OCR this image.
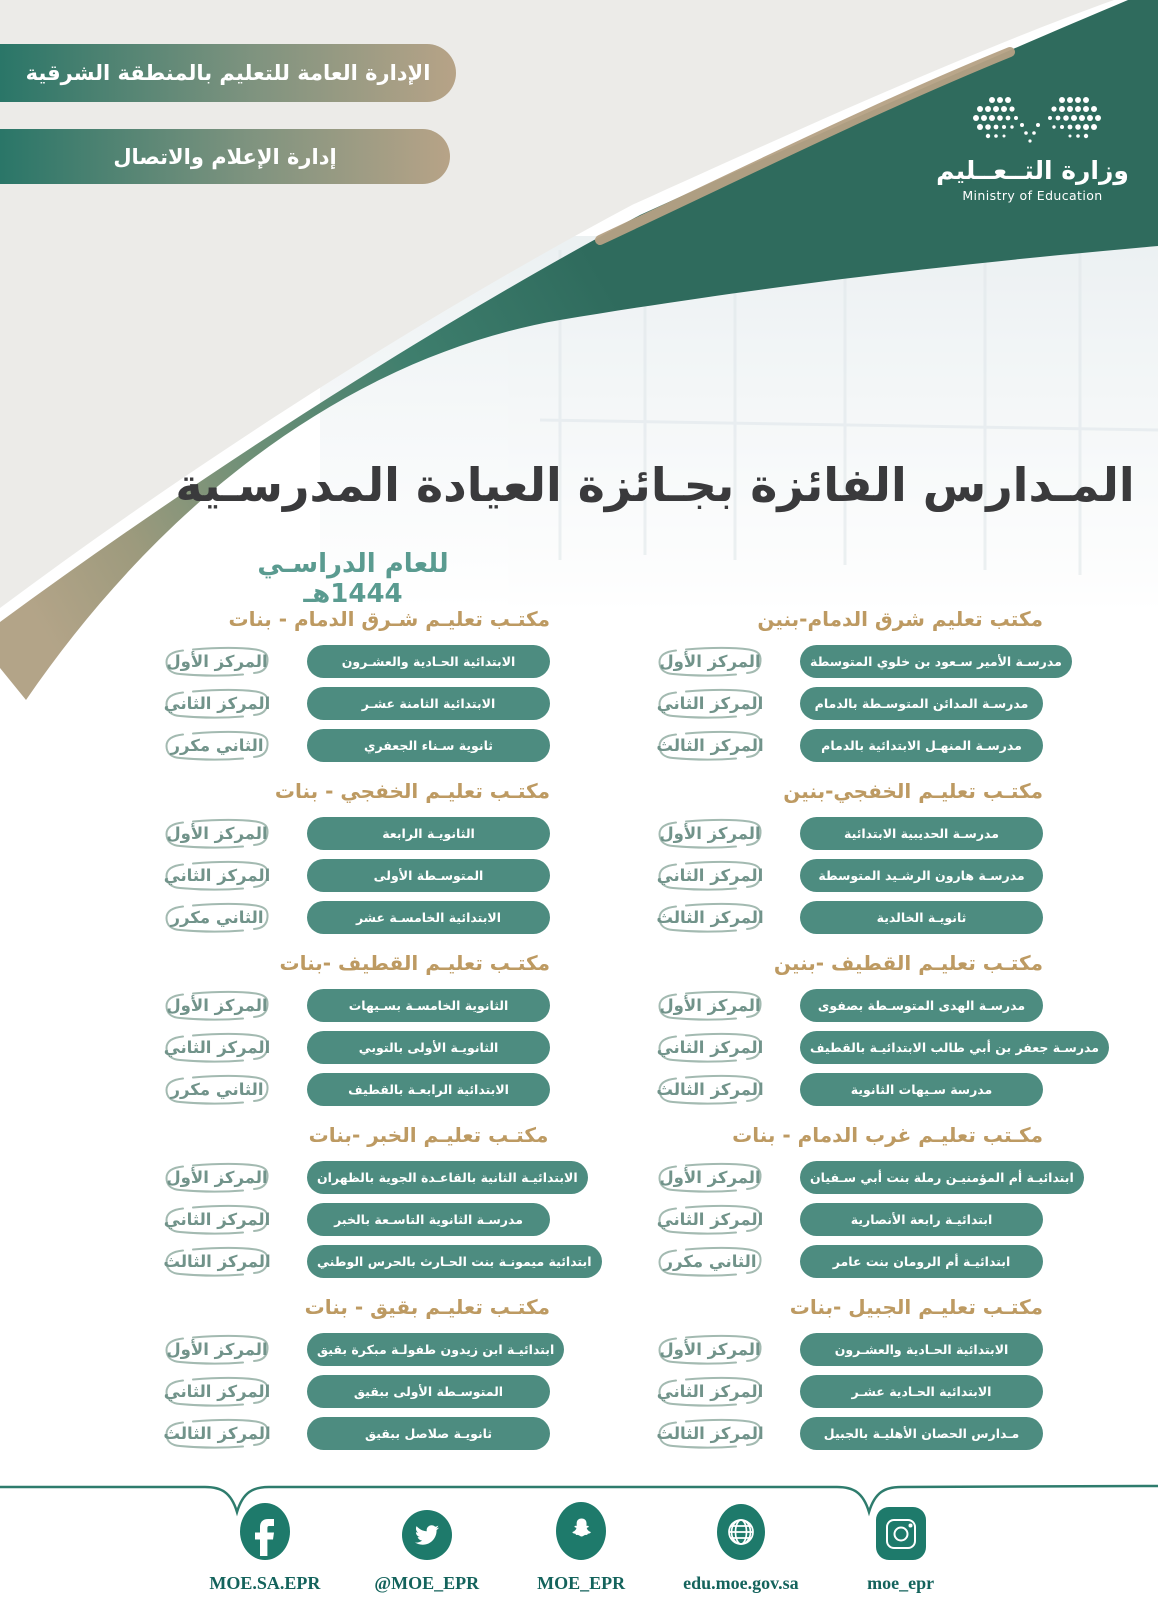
الإدارة العامة للتعليم بالمنطقة الشرقية
إدارة الإعلام والاتصال	وزارة التــعــليم
Ministry of Education
المـدارس الفائزة بجـائزة العيادة المدرسـية
للعام الدراسـي 1444هـ
مكتب تعليم شرق الدمام-بنين
المركز الأول	مدرسـة الأمير سـعود بن خلوي المتوسطة
المركز الثاني	مدرسـة المدائن المتوسـطة بالدمام
المركز الثالث	مدرسـة المنهـل الابتدائية بالدمام
مكتـب تعليـم الخفجي-بنين
المركز الأول	مدرسـة الحديبية الابتدائية
المركز الثاني	مدرسـة هارون الرشـيد المتوسطة
المركز الثالث	ثانويـة الخالدية
مكتـب تعليـم القطيف -بنين
المركز الأول	مدرسـة الهدى المتوسـطة بصفوى
المركز الثاني	مدرسـة جعفر بن أبي طالب الابتدائيـة بالقطيف
المركز الثالث	مدرسة سـيهات الثانوية
مكـتب تعليـم غرب الدمام - بنات
المركز الأول	ابتدائيـة أم المؤمنيـن رملة بنت أبي سـفيان
المركز الثاني	ابتدائيـة رابعة الأنصارية
الثاني مكرر	ابتدائيـة أم الرومان بنت عامر
مكتـب تعليـم الجبيل -بنات
المركز الأول	الابتدائية الحـادية والعشـرون
المركز الثاني	الابتدائية الحـادية عشـر
المركز الثالث	مـدارس الحصان الأهليـة بالجبيل
مكتـب تعليـم شـرق الدمام - بنات
المركز الأول	الابتدائية الحـادية والعشـرون
المركز الثاني	الابتدائية الثامنة عشـر
الثاني مكرر	ثانوية سـناء الجعفري
مكتـب تعليـم الخفجي - بنات
المركز الأول	الثانويـة الرابعة
المركز الثاني	المتوسـطة الأولى
الثاني مكرر	الابتدائية الخامسـة عشر
مكتـب تعليـم القطيف -بنات
المركز الأول	الثانوية الخامسـة بسـيهات
المركز الثاني	الثانويـة الأولى بالتوبي
الثاني مكرر	الابتدائية الرابعـة بالقطيف
مكتـب تعليـم الخبر -بنات
المركز الأول	الابتدائيـة الثانية بالقاعـدة الجوية بالظهران
المركز الثاني	مدرسـة الثانوية التاسـعة بالخبر
المركز الثالث	ابتدائية ميمونـة بنت الحـارث بالحرس الوطني
مكتـب تعليـم بقيق - بنات
المركز الأول	ابتدائيـة ابن زيدون طفولـة مبكرة بقيق
المركز الثاني	المتوسـطة الأولى ببقيق
المركز الثالث	ثانويـة صلاصل ببقيق
MOE.SA.EPR	@MOE_EPR	MOE_EPR	edu.moe.gov.sa	moe_epr
